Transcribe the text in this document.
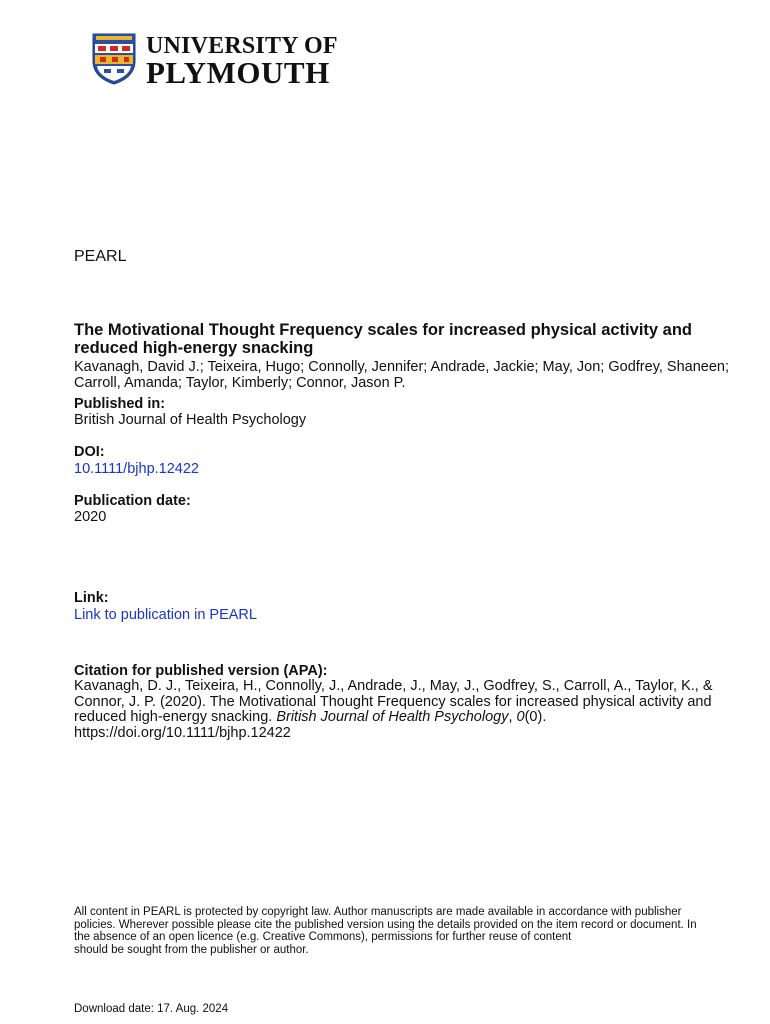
UNIVERSITY OF
PLYMOUTH
PEARL
The Motivational Thought Frequency scales for increased physical activity and reduced high-energy snacking
Kavanagh, David J.; Teixeira, Hugo; Connolly, Jennifer; Andrade, Jackie; May, Jon; Godfrey, Shaneen; Carroll, Amanda; Taylor, Kimberly; Connor, Jason P.
Published in:
British Journal of Health Psychology
DOI:
10.1111/bjhp.12422
Publication date:
2020
Link:
Link to publication in PEARL
Citation for published version (APA):
Kavanagh, D. J., Teixeira, H., Connolly, J., Andrade, J., May, J., Godfrey, S., Carroll, A., Taylor, K., & Connor, J. P. (2020). The Motivational Thought Frequency scales for increased physical activity and reduced high-energy snacking. British Journal of Health Psychology, 0(0). https://doi.org/10.1111/bjhp.12422
All content in PEARL is protected by copyright law. Author manuscripts are made available in accordance with publisher policies. Wherever possible please cite the published version using the details provided on the item record or document. In the absence of an open licence (e.g. Creative Commons), permissions for further reuse of content
should be sought from the publisher or author.
Download date: 17. Aug. 2024
